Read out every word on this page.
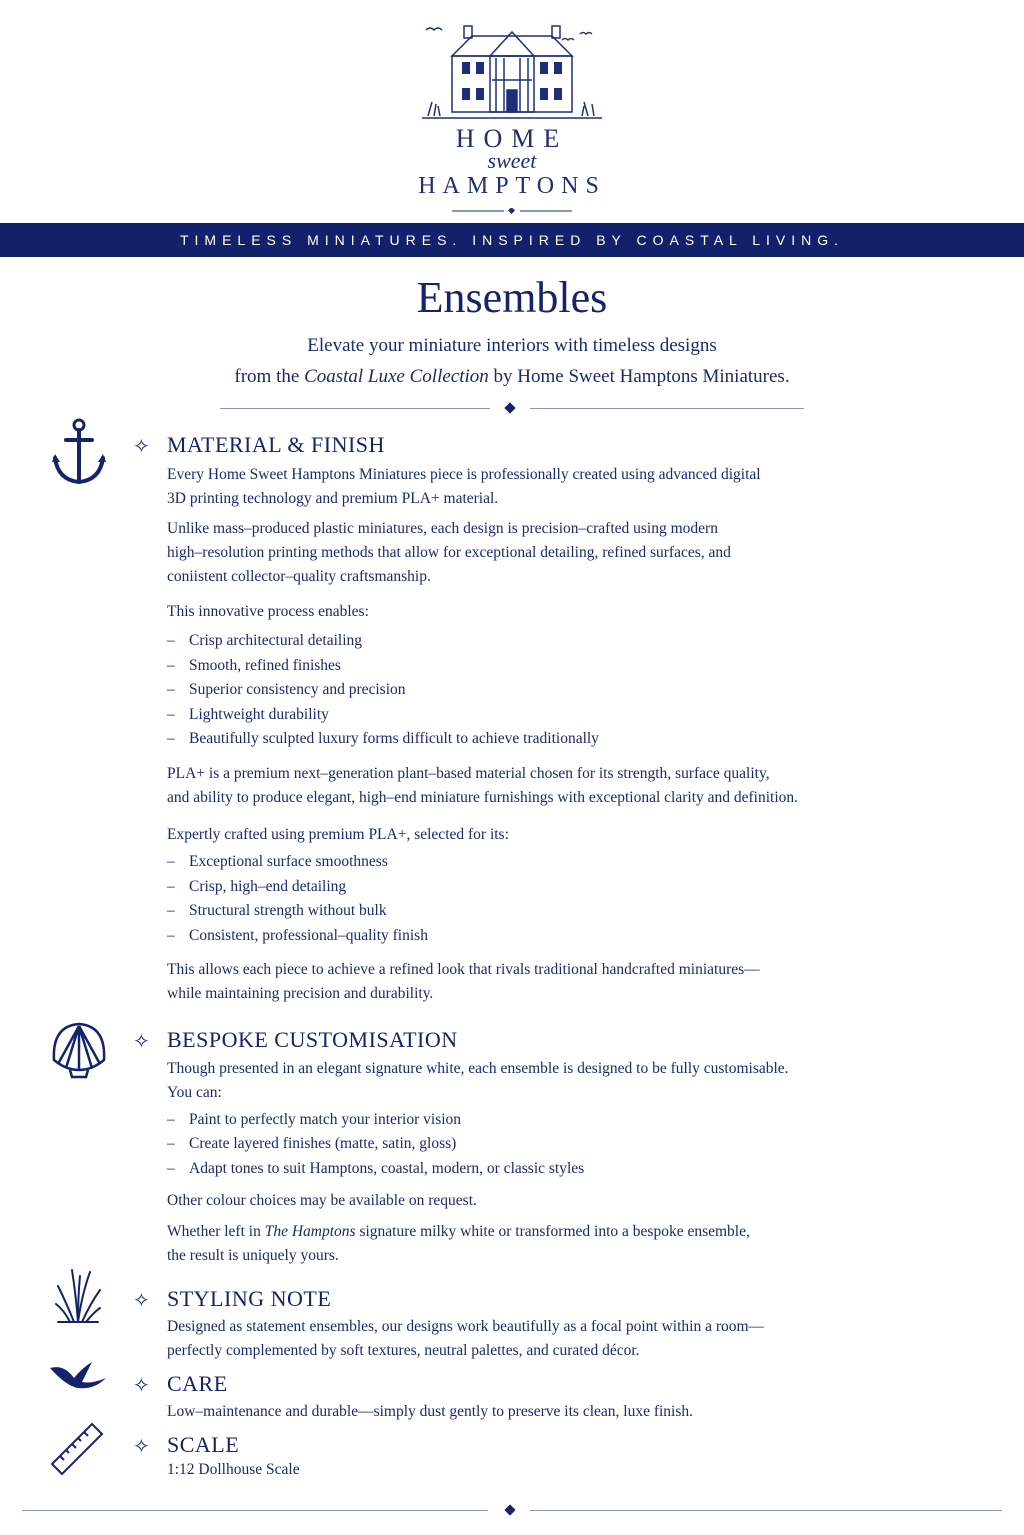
HOME
sweet
HAMPTONS
TIMELESS MINIATURES. INSPIRED BY COASTAL LIVING.
Ensembles
Elevate your miniature interiors with timeless designs
from the Coastal Luxe Collection by Home Sweet Hamptons Miniatures.
✧ MATERIAL & FINISH
Every Home Sweet Hamptons Miniatures piece is professionally created using advanced digital
3D printing technology and premium PLA+ material.
Unlike mass–produced plastic miniatures, each design is precision–crafted using modern
high–resolution printing methods that allow for exceptional detailing, refined surfaces, and
coniistent collector–quality craftsmanship.
This innovative process enables:
– Crisp architectural detailing
– Smooth, refined finishes
– Superior consistency and precision
– Lightweight durability
– Beautifully sculpted luxury forms difficult to achieve traditionally
PLA+ is a premium next–generation plant–based material chosen for its strength, surface quality,
and ability to produce elegant, high–end miniature furnishings with exceptional clarity and definition.
Expertly crafted using premium PLA+, selected for its:
– Exceptional surface smoothness
– Crisp, high–end detailing
– Structural strength without bulk
– Consistent, professional–quality finish
This allows each piece to achieve a refined look that rivals traditional handcrafted miniatures—
while maintaining precision and durability.
✧ BESPOKE CUSTOMISATION
Though presented in an elegant signature white, each ensemble is designed to be fully customisable.
You can:
– Paint to perfectly match your interior vision
– Create layered finishes (matte, satin, gloss)
– Adapt tones to suit Hamptons, coastal, modern, or classic styles
Other colour choices may be available on request.
Whether left in The Hamptons signature milky white or transformed into a bespoke ensemble,
the result is uniquely yours.
✧ STYLING NOTE
Designed as statement ensembles, our designs work beautifully as a focal point within a room—
perfectly complemented by soft textures, neutral palettes, and curated décor.
✧ CARE
Low–maintenance and durable—simply dust gently to preserve its clean, luxe finish.
✧ SCALE
1:12 Dollhouse Scale
